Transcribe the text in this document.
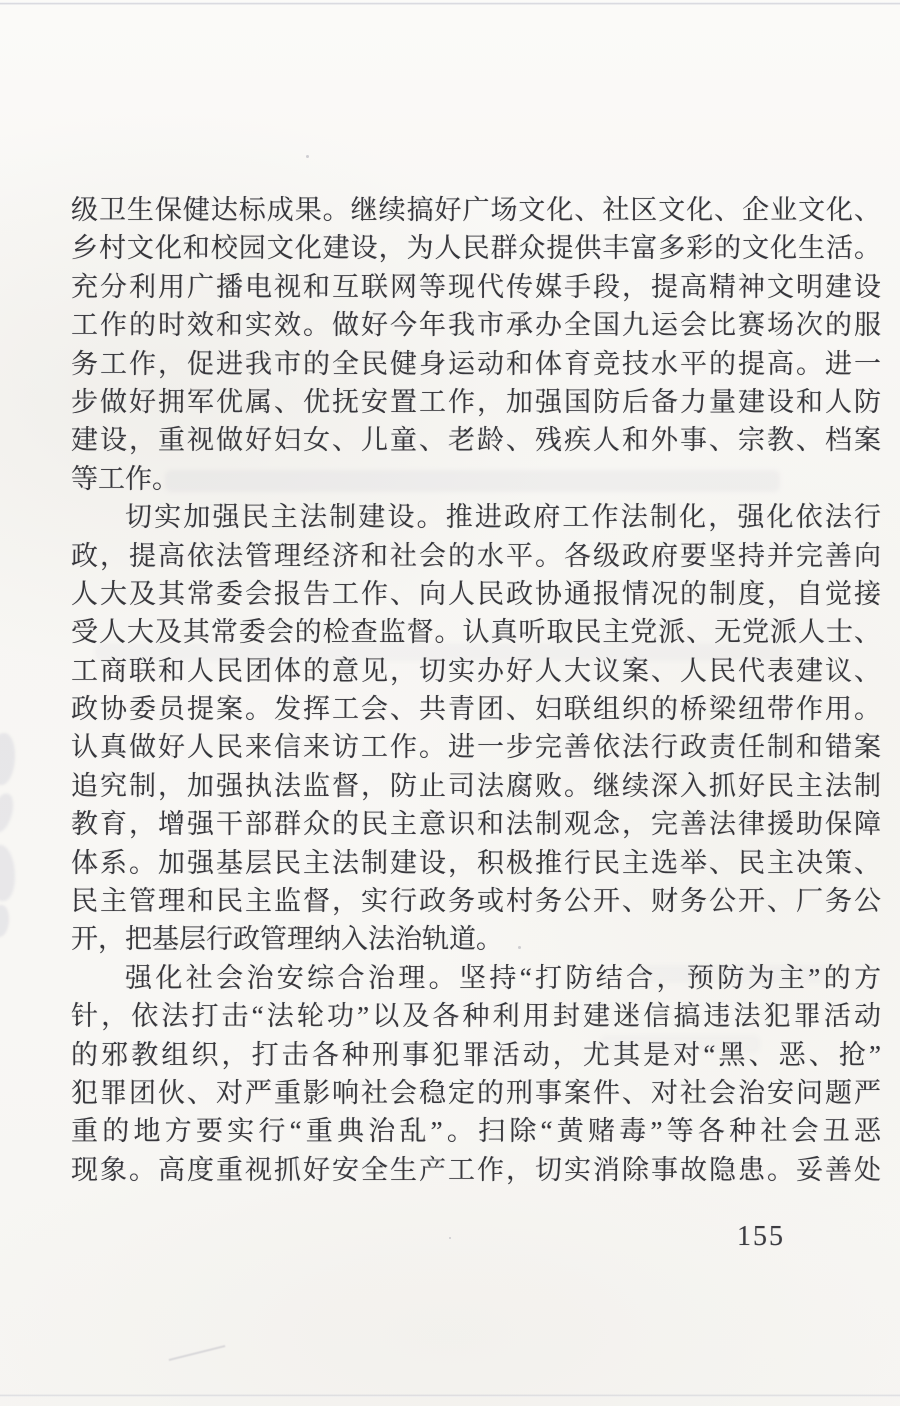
级卫生保健达标成果。继续搞好广场文化、社区文化、企业文化、
乡村文化和校园文化建设，为人民群众提供丰富多彩的文化生活。
充分利用广播电视和互联网等现代传媒手段，提高精神文明建设
工作的时效和实效。做好今年我市承办全国九运会比赛场次的服
务工作，促进我市的全民健身运动和体育竞技水平的提高。进一
步做好拥军优属、优抚安置工作，加强国防后备力量建设和人防
建设，重视做好妇女、儿童、老龄、残疾人和外事、宗教、档案
等工作。
切实加强民主法制建设。推进政府工作法制化，强化依法行
政，提高依法管理经济和社会的水平。各级政府要坚持并完善向
人大及其常委会报告工作、向人民政协通报情况的制度，自觉接
受人大及其常委会的检查监督。认真听取民主党派、无党派人士、
工商联和人民团体的意见，切实办好人大议案、人民代表建议、
政协委员提案。发挥工会、共青团、妇联组织的桥梁纽带作用。
认真做好人民来信来访工作。进一步完善依法行政责任制和错案
追究制，加强执法监督，防止司法腐败。继续深入抓好民主法制
教育，增强干部群众的民主意识和法制观念，完善法律援助保障
体系。加强基层民主法制建设，积极推行民主选举、民主决策、
民主管理和民主监督，实行政务或村务公开、财务公开、厂务公
开，把基层行政管理纳入法治轨道。
强化社会治安综合治理。坚持“打防结合，预防为主”的方
针，依法打击“法轮功”以及各种利用封建迷信搞违法犯罪活动
的邪教组织，打击各种刑事犯罪活动，尤其是对“黑、恶、抢”
犯罪团伙、对严重影响社会稳定的刑事案件、对社会治安问题严
重的地方要实行“重典治乱”。扫除“黄赌毒”等各种社会丑恶
现象。高度重视抓好安全生产工作，切实消除事故隐患。妥善处
155
